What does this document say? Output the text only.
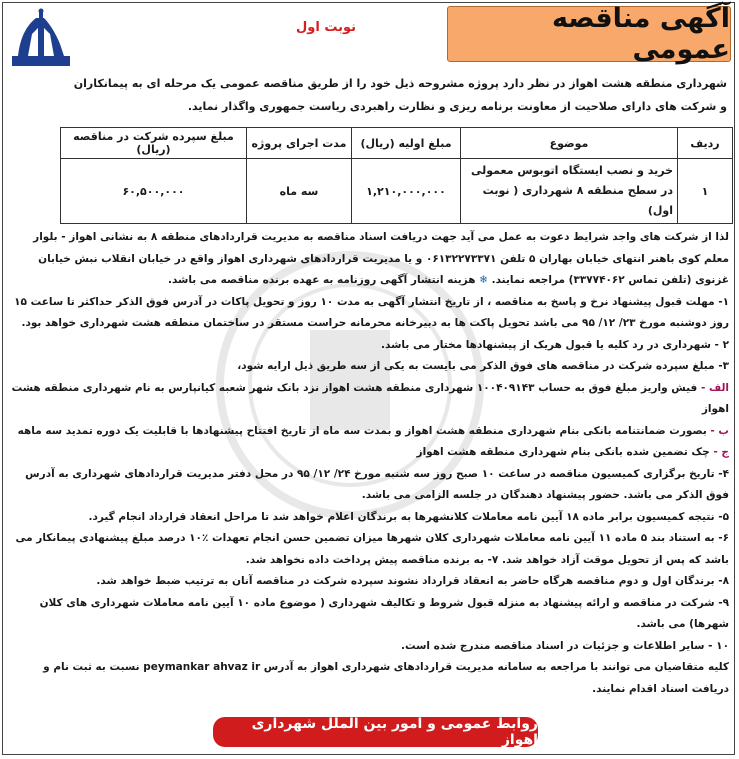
آگهی مناقصه عمومی
نوبت اول
شهرداری منطقه هشت اهواز در نظر دارد پروژه مشروحه ذیل خود را از طریق مناقصه عمومی یک مرحله ای به پیمانکاران
و شرکت های دارای صلاحیت از معاونت برنامه ریزی و نظارت راهبردی ریاست جمهوری واگذار نماید.
ردیف	موضوع	مبلغ اولیه (ریال)	مدت اجرای پروژه	مبلغ سپرده شرکت در مناقصه (ریال)
۱	خرید و نصب ایستگاه اتوبوس معمولی در سطح منطقه ۸ شهرداری ( نوبت اول)	۱,۲۱۰,۰۰۰,۰۰۰	سه ماه	۶۰,۵۰۰,۰۰۰

لذا از شرکت های واجد شرایط دعوت به عمل می آید جهت دریافت اسناد مناقصه به مدیریت قراردادهای منطقه ۸ به نشانی اهواز - بلوار معلم کوی باهنر انتهای خیابان بهاران ۵ تلفن ۰۶۱۳۲۲۷۳۳۷۱ و یا مدیریت قراردادهای شهرداری اهواز واقع در خیابان انقلاب نبش خیابان غزنوی (تلفن تماس ۳۳۷۷۴۰۶۲) مراجعه نمایند. ❄ هزینه انتشار آگهی روزنامه به عهده برنده مناقصه می باشد.

۱- مهلت قبول پیشنهاد نرخ و پاسخ به مناقصه ، از تاریخ انتشار آگهی به مدت ۱۰ روز و تحویل پاکات در آدرس فوق الذکر حداکثر تا ساعت ۱۵ روز دوشنبه مورخ ۲۳/ ۱۲/ ۹۵ می باشد تحویل پاکت ها به دبیرخانه محرمانه حراست مستقر در ساختمان منطقه هشت شهرداری خواهد بود.

۲ - شهرداری در رد کلیه یا قبول هریک از پیشنهادها مختار می باشد.

۳- مبلغ سپرده شرکت در مناقصه های فوق الذکر می بایست به یکی از سه طریق ذیل ارایه شود،

الف - فیش واریز مبلغ فوق به حساب ۱۰۰۴۰۹۱۴۳ شهرداری منطقه هشت اهواز نزد بانک شهر شعبه کیانپارس به نام شهرداری منطقه هشت اهواز

ب - بصورت ضمانتنامه بانکی بنام شهرداری منطقه هشت اهواز و بمدت سه ماه از تاریخ افتتاح پیشنهادها با قابلیت یک دوره تمدید سه ماهه

ج - چک تضمین شده بانکی بنام شهرداری منطقه هشت اهواز

۴- تاریخ برگزاری کمیسیون مناقصه در ساعت ۱۰ صبح روز سه شنبه مورخ ۲۴/ ۱۲/ ۹۵ در محل دفتر مدیریت قراردادهای شهرداری به آدرس فوق الذکر می باشد. حضور پیشنهاد دهندگان در جلسه الزامی می باشد.

۵- نتیجه کمیسیون برابر ماده ۱۸ آیین نامه معاملات کلانشهرها به برندگان اعلام خواهد شد تا مراحل انعقاد قرارداد انجام گیرد.

۶- به استناد بند ۵ ماده ۱۱ آیین نامه معاملات شهرداری کلان شهرها میزان تضمین حسن انجام تعهدات ٪۱۰ درصد مبلغ پیشنهادی پیمانکار می باشد که پس از تحویل موقت آزاد خواهد شد. ۷- به برنده مناقصه پیش پرداخت داده نخواهد شد.

۸- برندگان اول و دوم مناقصه هرگاه حاضر به انعقاد قرارداد نشوند سپرده شرکت در مناقصه آنان به ترتیب ضبط خواهد شد.

۹- شرکت در مناقصه و ارائه پیشنهاد به منزله قبول شروط و تکالیف شهرداری ( موضوع ماده ۱۰ آیین نامه معاملات شهرداری های کلان شهرها) می باشد.

۱۰ - سایر اطلاعات و جزئیات در اسناد مناقصه مندرج شده است.

کلیه متقاضیان می توانند با مراجعه به سامانه مدیریت قراردادهای شهرداری اهواز به آدرس peymankar ahvaz ir نسبت به ثبت نام و دریافت اسناد اقدام نمایند.

روابط عمومی و امور بین الملل شهرداری اهواز
